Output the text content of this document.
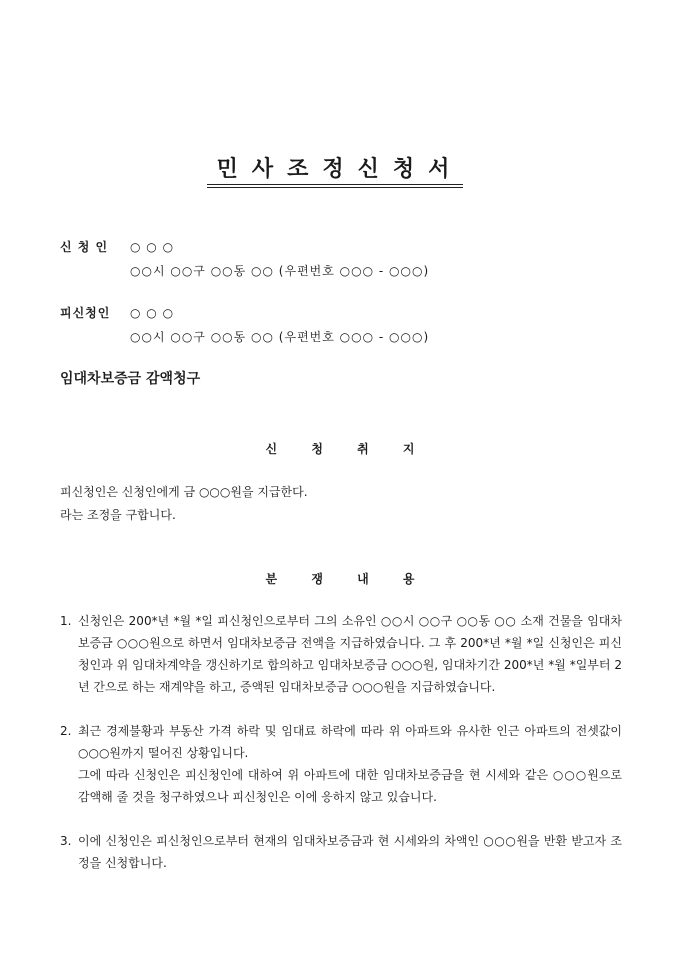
민사조정신청서
신 청 인 ○ ○ ○
○○시 ○○구 ○○동 ○○ (우편번호 ○○○ - ○○○)
피신청인 ○ ○ ○
○○시 ○○구 ○○동 ○○ (우편번호 ○○○ - ○○○)
임대차보증금 감액청구
신 청 취 지
피신청인은 신청인에게 금 ○○○원을 지급한다.
라는 조정을 구합니다.
분 쟁 내 용
1. 신청인은 200*년 *월 *일 피신청인으로부터 그의 소유인 ○○시 ○○구 ○○동 ○○ 소재 건물을 임대차보증금 ○○○원으로 하면서 임대차보증금 전액을 지급하였습니다. 그 후 200*년 *월 *일 신청인은 피신청인과 위 임대차계약을 갱신하기로 합의하고 임대차보증금 ○○○원, 임대차기간 200*년 *월 *일부터 2년 간으로 하는 재계약을 하고, 증액된 임대차보증금 ○○○원을 지급하였습니다.
2. 최근 경제불황과 부동산 가격 하락 및 임대료 하락에 따라 위 아파트와 유사한 인근 아파트의 전셋값이 ○○○원까지 떨어진 상황입니다.
그에 따라 신청인은 피신청인에 대하여 위 아파트에 대한 임대차보증금을 현 시세와 같은 ○○○원으로 감액해 줄 것을 청구하였으나 피신청인은 이에 응하지 않고 있습니다.
3. 이에 신청인은 피신청인으로부터 현재의 임대차보증금과 현 시세와의 차액인 ○○○원을 반환 받고자 조정을 신청합니다.
